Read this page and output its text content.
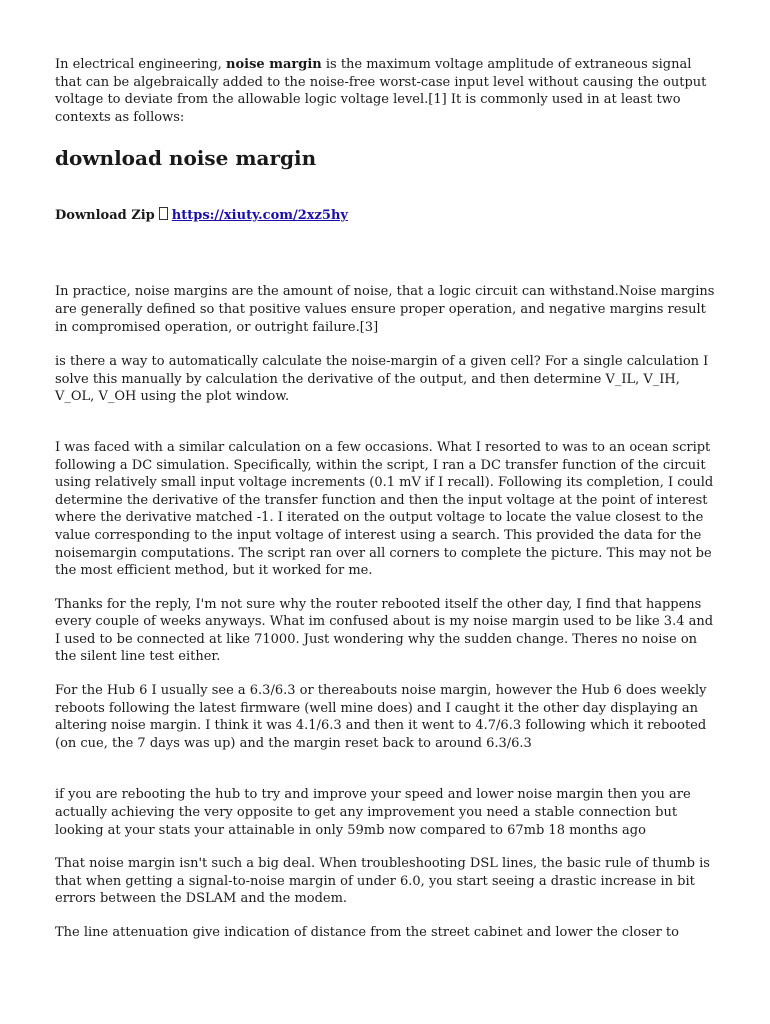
In electrical engineering, noise margin is the maximum voltage amplitude of extraneous signal that can be algebraically added to the noise-free worst-case input level without causing the output voltage to deviate from the allowable logic voltage level.[1] It is commonly used in at least two contexts as follows:

download noise margin
Download Zip https://xiuty.com/2xz5hy

In practice, noise margins are the amount of noise, that a logic circuit can withstand.Noise margins are generally defined so that positive values ensure proper operation, and negative margins result in compromised operation, or outright failure.[3]

is there a way to automatically calculate the noise-margin of a given cell? For a single calculation I solve this manually by calculation the derivative of the output, and then determine V_IL, V_IH, V_OL, V_OH using the plot window.

I was faced with a similar calculation on a few occasions. What I resorted to was to an ocean script following a DC simulation. Specifically, within the script, I ran a DC transfer function of the circuit using relatively small input voltage increments (0.1 mV if I recall). Following its completion, I could determine the derivative of the transfer function and then the input voltage at the point of interest where the derivative matched -1. I iterated on the output voltage to locate the value closest to the value corresponding to the input voltage of interest using a search. This provided the data for the noisemargin computations. The script ran over all corners to complete the picture. This may not be the most efficient method, but it worked for me.

Thanks for the reply, I'm not sure why the router rebooted itself the other day, I find that happens every couple of weeks anyways. What im confused about is my noise margin used to be like 3.4 and I used to be connected at like 71000. Just wondering why the sudden change. Theres no noise on the silent line test either.

For the Hub 6 I usually see a 6.3/6.3 or thereabouts noise margin, however the Hub 6 does weekly reboots following the latest firmware (well mine does) and I caught it the other day displaying an altering noise margin. I think it was 4.1/6.3 and then it went to 4.7/6.3 following which it rebooted (on cue, the 7 days was up) and the margin reset back to around 6.3/6.3

if you are rebooting the hub to try and improve your speed and lower noise margin then you are actually achieving the very opposite to get any improvement you need a stable connection but looking at your stats your attainable in only 59mb now compared to 67mb 18 months ago

That noise margin isn't such a big deal. When troubleshooting DSL lines, the basic rule of thumb is that when getting a signal-to-noise margin of under 6.0, you start seeing a drastic increase in bit errors between the DSLAM and the modem.

The line attenuation give indication of distance from the street cabinet and lower the closer to
